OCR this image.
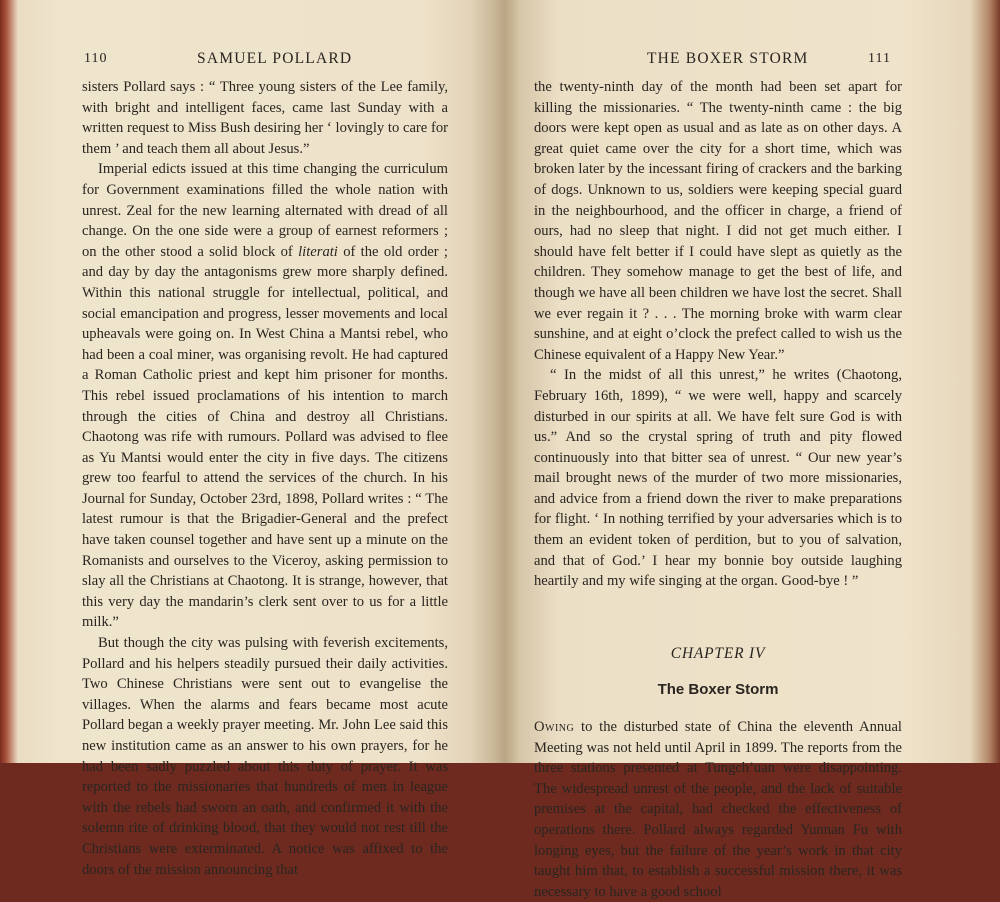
110	SAMUEL POLLARD

sisters Pollard says : “ Three young sisters of the Lee family, with bright and intelligent faces, came last Sunday with a written request to Miss Bush desiring her ‘ lovingly to care for them ’ and teach them all about Jesus.”

Imperial edicts issued at this time changing the curriculum for Government examinations filled the whole nation with unrest. Zeal for the new learning alternated with dread of all change. On the one side were a group of earnest reformers ; on the other stood a solid block of literati of the old order ; and day by day the antagonisms grew more sharply defined. Within this national struggle for intellectual, political, and social emancipation and progress, lesser movements and local upheavals were going on. In West China a Mantsi rebel, who had been a coal miner, was organising revolt. He had captured a Roman Catholic priest and kept him prisoner for months. This rebel issued proclamations of his intention to march through the cities of China and destroy all Christians. Chaotong was rife with rumours. Pollard was advised to flee as Yu Mantsi would enter the city in five days. The citizens grew too fearful to attend the services of the church. In his Journal for Sunday, October 23rd, 1898, Pollard writes : “ The latest rumour is that the Brigadier-General and the prefect have taken counsel together and have sent up a minute on the Romanists and ourselves to the Viceroy, asking permission to slay all the Christians at Chaotong. It is strange, however, that this very day the mandarin’s clerk sent over to us for a little milk.”

But though the city was pulsing with feverish excitements, Pollard and his helpers steadily pursued their daily activities. Two Chinese Christians were sent out to evangelise the villages. When the alarms and fears became most acute Pollard began a weekly prayer meeting. Mr. John Lee said this new institution came as an answer to his own prayers, for he had been sadly puzzled about this duty of prayer. It was reported to the missionaries that hundreds of men in league with the rebels had sworn an oath, and confirmed it with the solemn rite of drinking blood, that they would not rest till the Christians were exterminated. A notice was affixed to the doors of the mission announcing that

THE BOXER STORM	111

the twenty-ninth day of the month had been set apart for killing the missionaries. “ The twenty-ninth came : the big doors were kept open as usual and as late as on other days. A great quiet came over the city for a short time, which was broken later by the incessant firing of crackers and the barking of dogs. Unknown to us, soldiers were keeping special guard in the neighbourhood, and the officer in charge, a friend of ours, had no sleep that night. I did not get much either. I should have felt better if I could have slept as quietly as the children. They somehow manage to get the best of life, and though we have all been children we have lost the secret. Shall we ever regain it ? . . . The morning broke with warm clear sunshine, and at eight o’clock the prefect called to wish us the Chinese equivalent of a Happy New Year.”

“ In the midst of all this unrest,” he writes (Chaotong, February 16th, 1899), “ we were well, happy and scarcely disturbed in our spirits at all. We have felt sure God is with us.” And so the crystal spring of truth and pity flowed continuously into that bitter sea of unrest. “ Our new year’s mail brought news of the murder of two more missionaries, and advice from a friend down the river to make preparations for flight. ‘ In nothing terrified by your adversaries which is to them an evident token of perdition, but to you of salvation, and that of God.’ I hear my bonnie boy outside laughing heartily and my wife singing at the organ. Good-bye ! ”

CHAPTER IV
The Boxer Storm

Owing to the disturbed state of China the eleventh Annual Meeting was not held until April in 1899. The reports from the three stations presented at Tungch’uan were disappointing. The widespread unrest of the people, and the lack of suitable premises at the capital, had checked the effectiveness of operations there. Pollard always regarded Yunnan Fu with longing eyes, but the failure of the year’s work in that city taught him that, to establish a successful mission there, it was necessary to have a good school
